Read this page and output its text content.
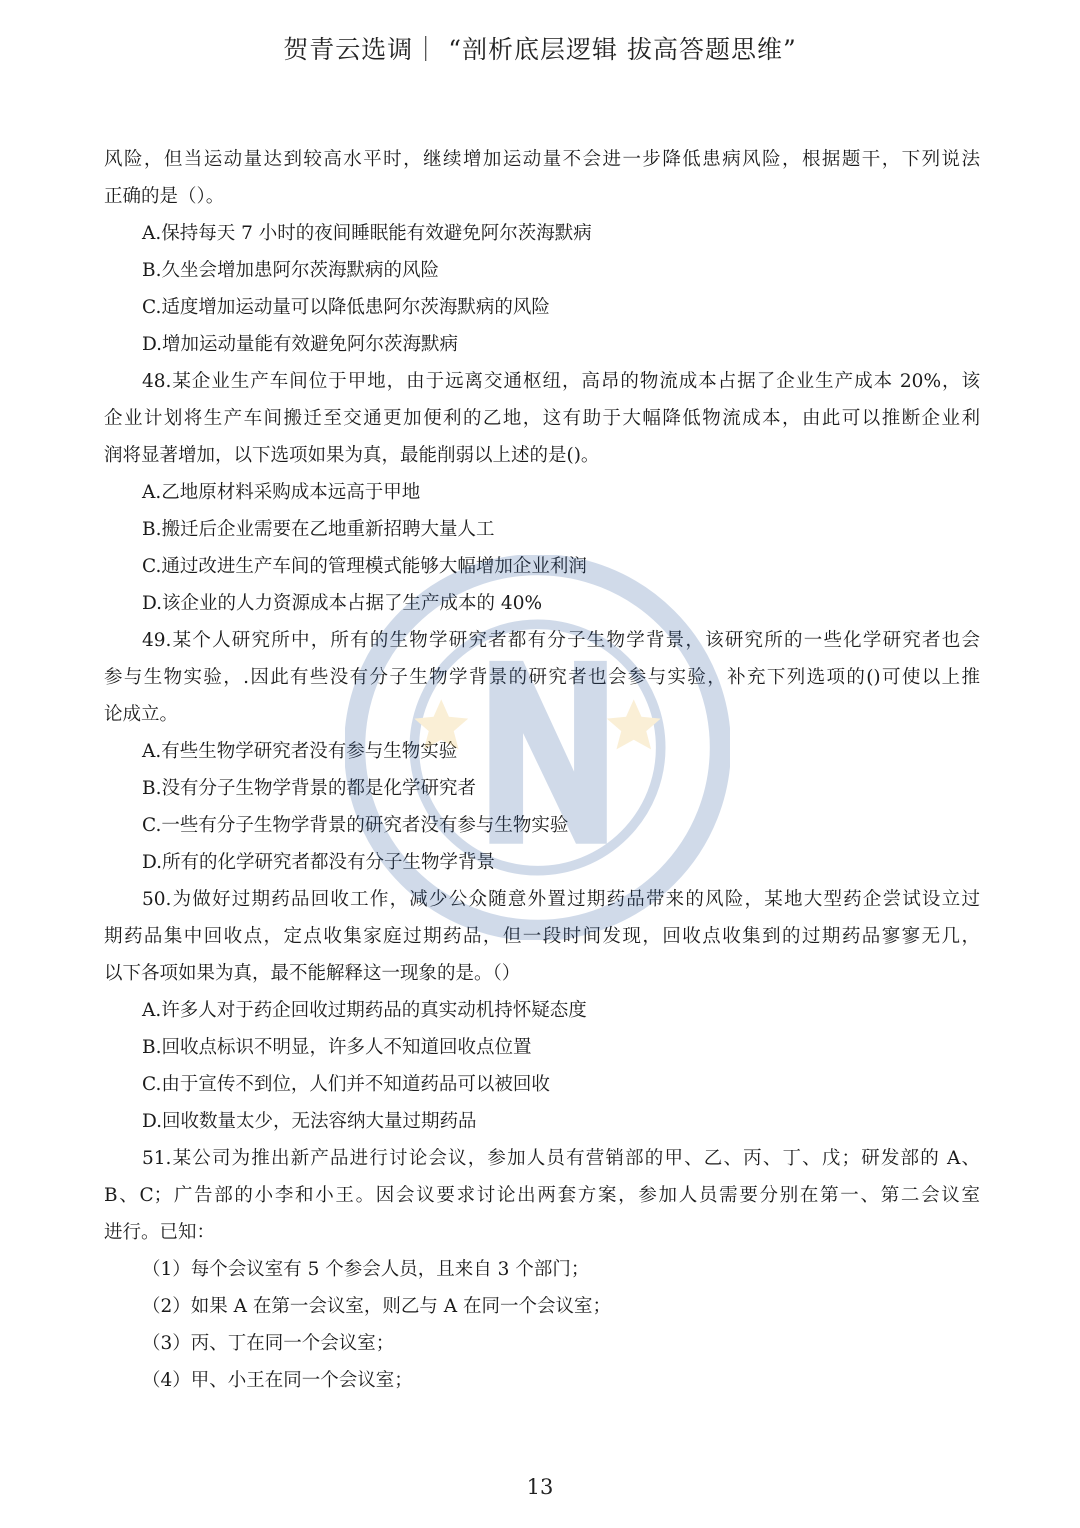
贺青云选调｜ “剖析底层逻辑 拔高答题思维”
风险，但当运动量达到较高水平时，继续增加运动量不会进一步降低患病风险，根据题干，下列说法
正确的是（）。
A.保持每天 7 小时的夜间睡眠能有效避免阿尔茨海默病
B.久坐会增加患阿尔茨海默病的风险
C.适度增加运动量可以降低患阿尔茨海默病的风险
D.增加运动量能有效避免阿尔茨海默病
48.某企业生产车间位于甲地，由于远离交通枢纽，高昂的物流成本占据了企业生产成本 20%，该
企业计划将生产车间搬迁至交通更加便利的乙地，这有助于大幅降低物流成本，由此可以推断企业利
润将显著增加，以下选项如果为真，最能削弱以上述的是()。
A.乙地原材料采购成本远高于甲地
B.搬迁后企业需要在乙地重新招聘大量人工
C.通过改进生产车间的管理模式能够大幅增加企业利润
D.该企业的人力资源成本占据了生产成本的 40%
49.某个人研究所中，所有的生物学研究者都有分子生物学背景，该研究所的一些化学研究者也会
参与生物实验，.因此有些没有分子生物学背景的研究者也会参与实验，补充下列选项的()可使以上推
论成立。
A.有些生物学研究者没有参与生物实验
B.没有分子生物学背景的都是化学研究者
C.一些有分子生物学背景的研究者没有参与生物实验
D.所有的化学研究者都没有分子生物学背景
50.为做好过期药品回收工作，减少公众随意外置过期药品带来的风险，某地大型药企尝试设立过
期药品集中回收点，定点收集家庭过期药品，但一段时间发现，回收点收集到的过期药品寥寥无几，
以下各项如果为真，最不能解释这一现象的是。（）
A.许多人对于药企回收过期药品的真实动机持怀疑态度
B.回收点标识不明显，许多人不知道回收点位置
C.由于宣传不到位，人们并不知道药品可以被回收
D.回收数量太少，无法容纳大量过期药品
51.某公司为推出新产品进行讨论会议，参加人员有营销部的甲、乙、丙、丁、戊；研发部的 A、
B、C；广告部的小李和小王。因会议要求讨论出两套方案，参加人员需要分别在第一、第二会议室
进行。已知：
（1）每个会议室有 5 个参会人员，且来自 3 个部门；
（2）如果 A 在第一会议室，则乙与 A 在同一个会议室；
（3）丙、丁在同一个会议室；
（4）甲、小王在同一个会议室；
13
